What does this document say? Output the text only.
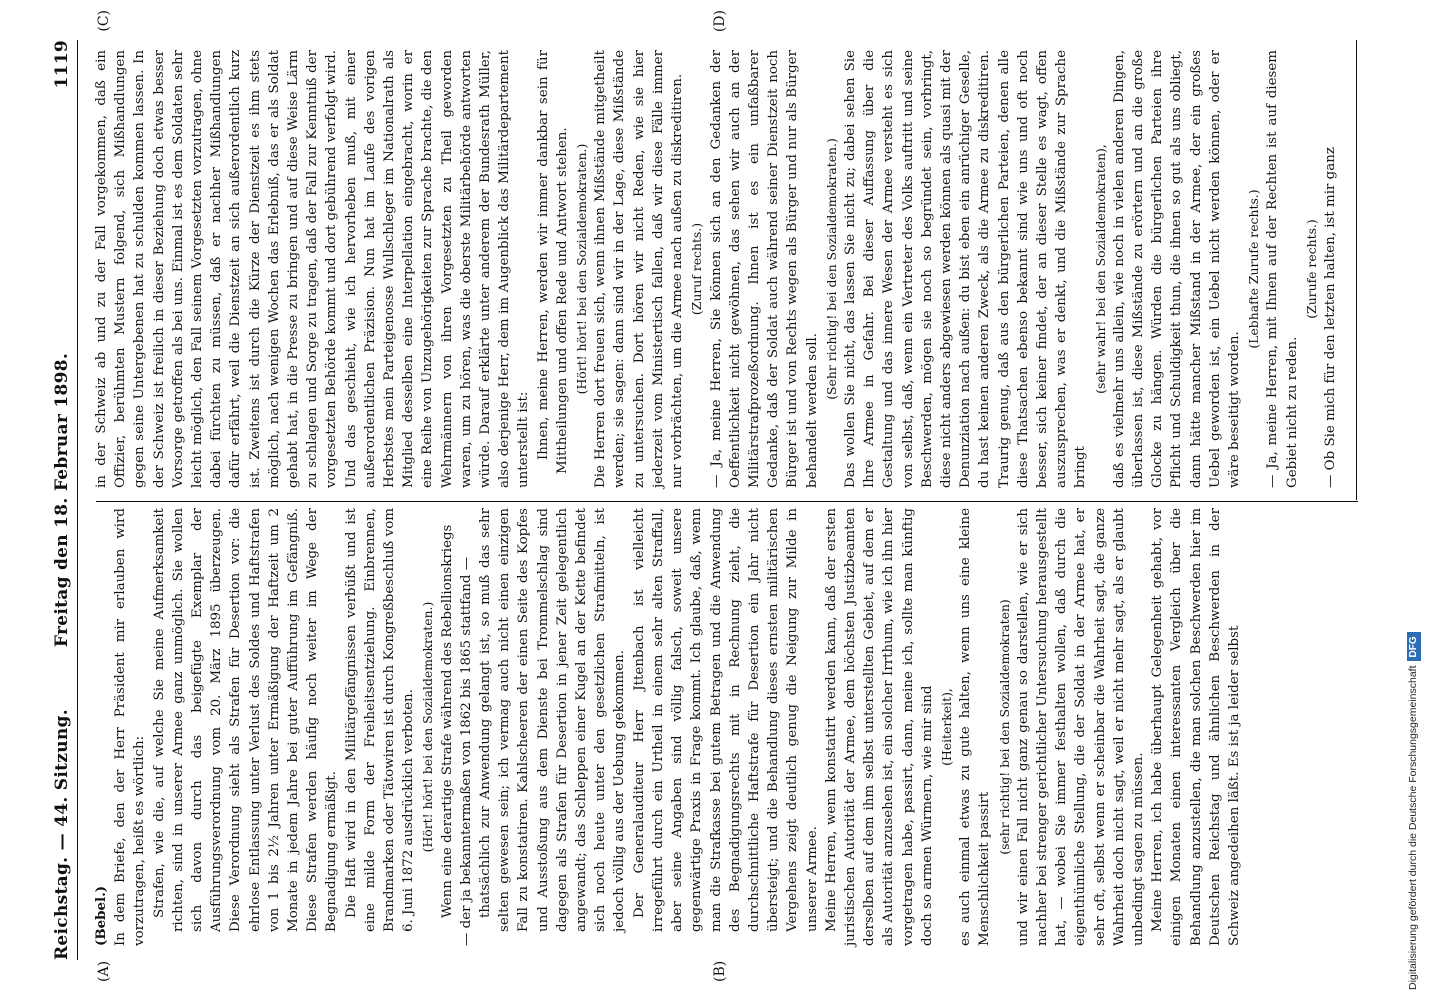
Reichstag. — 44. Sitzung.
Freitag den 18. Februar 1898.
1119
(A)	(B)
(C)	(D)

(Bebel.) In dem Briefe, den der Herr Präsident mir erlauben wird vorzutragen, heißt es wörtlich: Strafen, wie die, auf welche Sie meine Aufmerksamkeit richten, sind in unserer Armee ganz unmöglich. Sie wollen sich davon durch das beigefügte Exemplar der Ausführungsverordnung vom 20. März 1895 überzeugen. Diese Verordnung sieht als Strafen für Desertion vor: die ehrlose Entlassung unter Verlust des Soldes und Haftstrafen von 1 bis 2½ Jahren unter Ermäßigung der Haftzeit um 2 Monate in jedem Jahre bei guter Aufführung im Gefängniß. Diese Strafen werden häufig noch weiter im Wege der Begnadigung ermäßigt. Die Haft wird in den Militärgefängnissen verbüßt und ist eine milde Form der Freiheitsentziehung. Einbrennen, Brandmarken oder Tätowiren ist durch Kongreßbeschluß vom 6. Juni 1872 ausdrücklich verboten. (Hört! hört! bei den Sozialdemokraten.) Wenn eine derartige Strafe während des Rebellionskriegs — der ja bekanntermaßen von 1862 bis 1865 stattfand — thatsächlich zur Anwendung gelangt ist, so muß das sehr selten gewesen sein; ich vermag auch nicht einen einzigen Fall zu konstatiren. Kahlscheeren der einen Seite des Kopfes und Ausstoßung aus dem Dienste bei Trommelschlag sind dagegen als Strafen für Desertion in jener Zeit gelegentlich angewandt; das Schleppen einer Kugel an der Kette befindet sich noch heute unter den gesetzlichen Strafmitteln, ist jedoch völlig aus der Uebung gekommen. Der Generalauditeur Herr Jttenbach ist vielleicht irregeführt durch ein Urtheil in einem sehr alten Straffall, aber seine Angaben sind völlig falsch, soweit unsere gegenwärtige Praxis in Frage kommt. Ich glaube, daß, wenn man die Strafkasse bei gutem Betragen und die Anwendung des Begnadigungsrechts mit in Rechnung zieht, die durchschnittliche Haftstrafe für Desertion ein Jahr nicht übersteigt; und die Behandlung dieses ernsten militärischen Vergehens zeigt deutlich genug die Neigung zur Milde in unserer Armee. Meine Herren, wenn konstatirt werden kann, daß der ersten juristischen Autorität der Armee, dem höchsten Justizbeamten derselben auf dem ihm selbst unterstellten Gebiet, auf dem er als Autorität anzusehen ist, ein solcher Irrthum, wie ich ihn hier vorgetragen habe, passirt, dann, meine ich, sollte man künftig doch so armen Würmern, wie mir sind (Heiterkeit), es auch einmal etwas zu gute halten, wenn uns eine kleine Menschlichkeit passirt

(sehr richtig! bei den Sozialdemokraten) und wir einen Fall nicht ganz genau so darstellen, wie er sich nachher bei strenger gerichtlicher Untersuchung herausgestellt hat, — wobei Sie immer festhalten wollen, daß durch die eigenthümliche Stellung, die der Soldat in der Armee hat, er sehr oft, selbst wenn er scheinbar die Wahrheit sagt, die ganze Wahrheit doch nicht sagt, weil er nicht mehr sagt, als er glaubt unbedingt sagen zu müssen. Meine Herren, ich habe überhaupt Gelegenheit gehabt, vor einigen Monaten einen interessanten Vergleich über die Behandlung anzustellen, die man solchen Beschwerden hier im Deutschen Reichstag und ähnlichen Beschwerden in der Schweiz angedeihen läßt. Es ist ja leider selbst

in der Schweiz ab und zu der Fall vorgekommen, daß ein Offizier, berühmten Mustern folgend, sich Mißhandlungen gegen seine Untergebenen hat zu schulden kommen lassen. In der Schweiz ist freilich in dieser Beziehung doch etwas besser Vorsorge getroffen als bei uns. Einmal ist es dem Soldaten sehr leicht möglich, den Fall seinem Vorgesetzten vorzutragen, ohne dabei fürchten zu müssen, daß er nachher Mißhandlungen dafür erfährt, weil die Dienstzeit an sich außerordentlich kurz ist. Zweitens ist durch die Kürze der Dienstzeit es ihm stets möglich, nach wenigen Wochen das Erlebniß, das er als Soldat gehabt hat, in die Presse zu bringen und auf diese Weise Lärm zu schlagen und Sorge zu tragen, daß der Fall zur Kenntniß der vorgesetzten Behörde kommt und dort gebührend verfolgt wird. Und das geschieht, wie ich hervorheben muß, mit einer außerordentlichen Präzision. Nun hat im Laufe des vorigen Herbstes mein Parteigenosse Wullschleger im Nationalrath als Mitglied desselben eine Interpellation eingebracht, worin er eine Reihe von Unzugehörigkeiten zur Sprache brachte, die den Wehrmännern von ihren Vorgesetzten zu Theil geworden waren, um zu hören, was die oberste Militärbehörde antworten würde. Darauf erklärte unter anderem der Bundesrath Müller, also derjenige Herr, dem im Augenblick das Militärdepartement unterstellt ist: Ihnen, meine Herren, werden wir immer dankbar sein für Mittheilungen und offen Rede und Antwort stehen. (Hört! hört! bei den Sozialdemokraten.) Die Herren dort freuen sich, wenn ihnen Mißstände mitgetheilt werden; sie sagen: dann sind wir in der Lage, diese Mißstände zu untersuchen. Dort hören wir nicht Reden, wie sie hier jederzeit vom Ministertisch fallen, daß wir diese Fälle immer nur vorbrächten, um die Armee nach außen zu diskreditiren. (Zuruf rechts.) — Ja, meine Herren, Sie können sich an den Gedanken der Oeffentlichkeit nicht gewöhnen, das sehen wir auch an der Militärstrafprozeßordnung. Ihnen ist es ein unfaßbarer Gedanke, daß der Soldat auch während seiner Dienstzeit noch Bürger ist und von Rechts wegen als Bürger und nur als Bürger behandelt werden soll.

(Sehr richtig! bei den Sozialdemokraten.) Das wollen Sie nicht, das lassen Sie nicht zu; dabei sehen Sie Ihre Armee in Gefahr. Bei dieser Auffassung über die Gestaltung und das innere Wesen der Armee versteht es sich von selbst, daß, wenn ein Vertreter des Volks auftritt und seine Beschwerden, mögen sie noch so begründet sein, vorbringt, diese nicht anders abgewiesen werden können als quasi mit der Denunziation nach außen: du bist eben ein anrüchiger Geselle, du hast keinen anderen Zweck, als die Armee zu diskreditiren. Traurig genug, daß aus den bürgerlichen Parteien, denen alle diese Thatsachen ebenso bekannt sind wie uns und oft noch besser, sich keiner findet, der an dieser Stelle es wagt, offen auszusprechen, was er denkt, und die Mißstände zur Sprache bringt

(sehr wahr! bei den Sozialdemokraten), daß es vielmehr uns allein, wie noch in vielen anderen Dingen, überlassen ist, diese Mißstände zu erörtern und an die große Glocke zu hängen. Würden die bürgerlichen Parteien ihre Pflicht und Schuldigkeit thun, die ihnen so gut als uns obliegt, dann hätte mancher Mißstand in der Armee, der ein großes Uebel geworden ist, ein Uebel nicht werden können, oder er wäre beseitigt worden.

(Lebhafte Zurufe rechts.) — Ja, meine Herren, mit Ihnen auf der Rechten ist auf diesem Gebiet nicht zu reden.

(Zurufe rechts.) — Ob Sie mich für den letzten halten, ist mir ganz

Digitalisierung gefördert durch die Deutsche ForschungsgemeinschaftDFG
